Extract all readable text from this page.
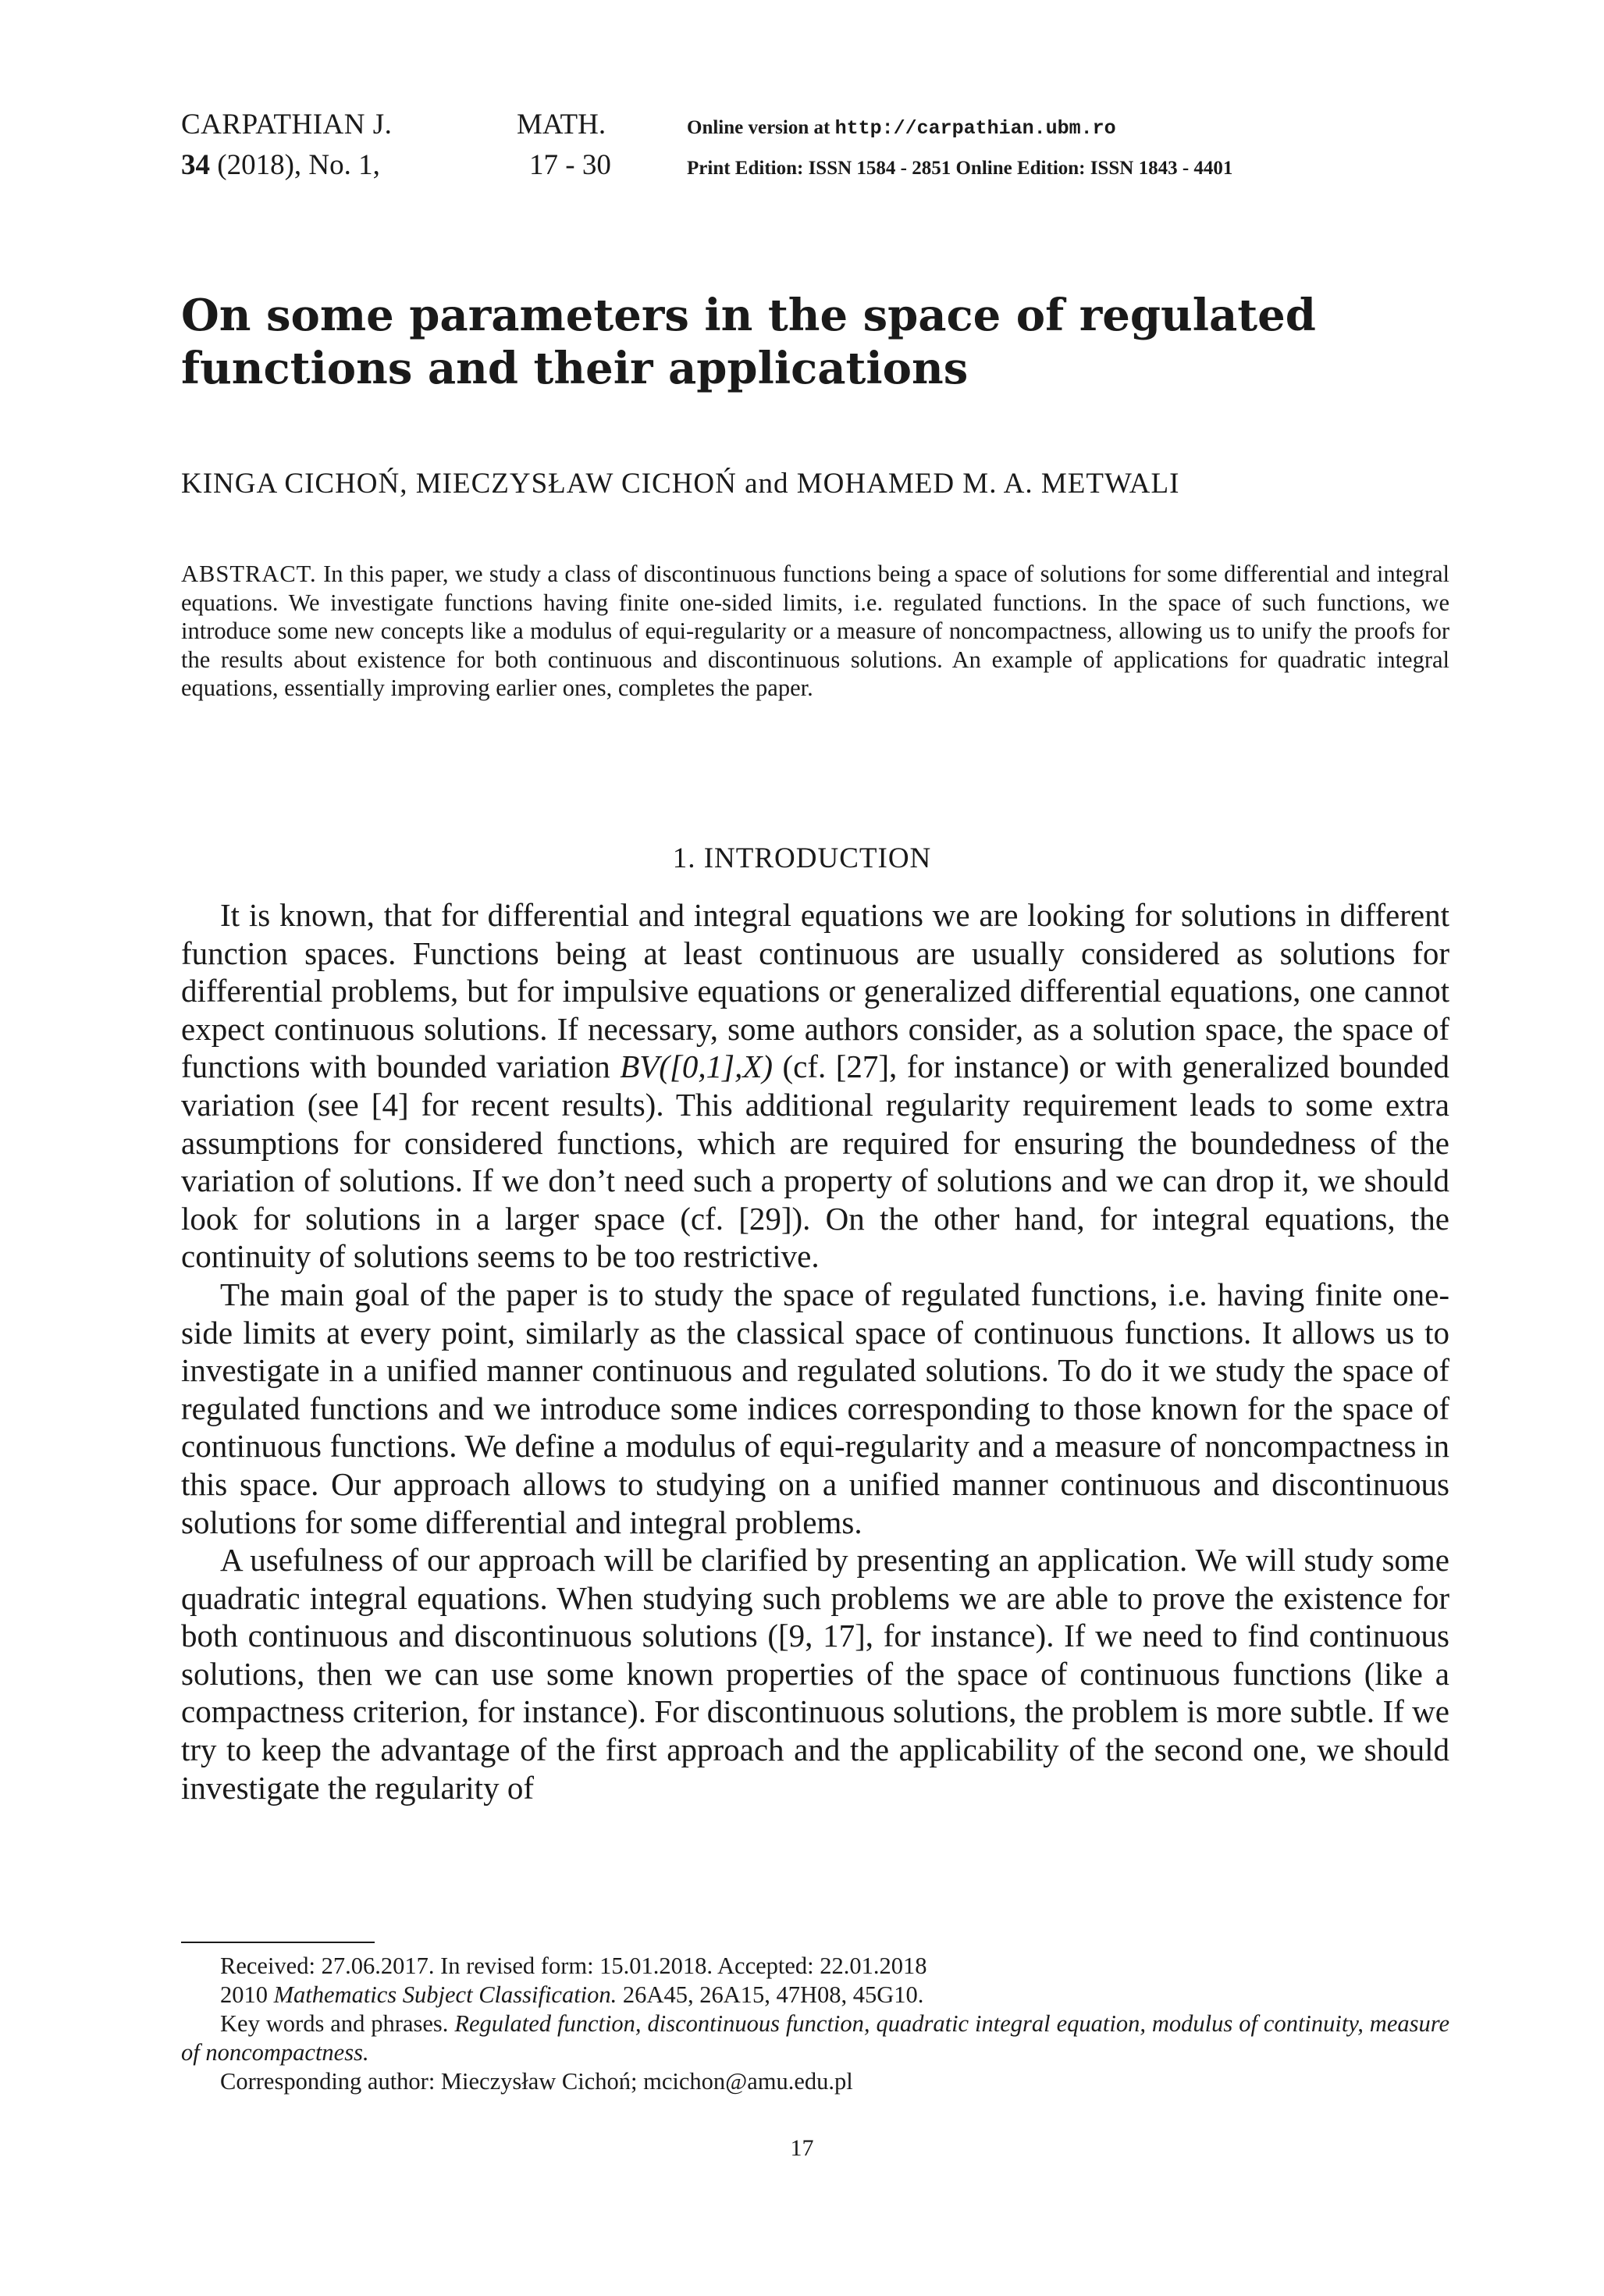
CARPATHIAN J.	MATH.
34 (2018), No. 1,	17 - 30
Online version at http://carpathian.ubm.ro
Print Edition: ISSN 1584 - 2851 Online Edition: ISSN 1843 - 4401
On some parameters in the space of regulated functions and their applications
KINGA CICHOŃ, MIECZYSŁAW CICHOŃ and MOHAMED M. A. METWALI

ABSTRACT. In this paper, we study a class of discontinuous functions being a space of solutions for some differential and integral equations. We investigate functions having finite one-sided limits, i.e. regulated functions. In the space of such functions, we introduce some new concepts like a modulus of equi-regularity or a measure of noncompactness, allowing us to unify the proofs for the results about existence for both continuous and discontinuous solutions. An example of applications for quadratic integral equations, essentially improving earlier ones, completes the paper.

1. INTRODUCTION

It is known, that for differential and integral equations we are looking for solutions in different function spaces. Functions being at least continuous are usually considered as solutions for differential problems, but for impulsive equations or generalized differential equations, one cannot expect continuous solutions. If necessary, some authors consider, as a solution space, the space of functions with bounded variation BV([0,1],X) (cf. [27], for instance) or with generalized bounded variation (see [4] for recent results). This additional regularity requirement leads to some extra assumptions for considered functions, which are required for ensuring the boundedness of the variation of solutions. If we don’t need such a property of solutions and we can drop it, we should look for solutions in a larger space (cf. [29]). On the other hand, for integral equations, the continuity of solutions seems to be too restrictive.

The main goal of the paper is to study the space of regulated functions, i.e. having finite one-side limits at every point, similarly as the classical space of continuous functions. It allows us to investigate in a unified manner continuous and regulated solutions. To do it we study the space of regulated functions and we introduce some indices corresponding to those known for the space of continuous functions. We define a modulus of equi-regularity and a measure of noncompactness in this space. Our approach allows to studying on a unified manner continuous and discontinuous solutions for some differential and integral problems.

A usefulness of our approach will be clarified by presenting an application. We will study some quadratic integral equations. When studying such problems we are able to prove the existence for both continuous and discontinuous solutions ([9, 17], for instance). If we need to find continuous solutions, then we can use some known properties of the space of continuous functions (like a compactness criterion, for instance). For discontinuous solutions, the problem is more subtle. If we try to keep the advantage of the first approach and the applicability of the second one, we should investigate the regularity of

Received: 27.06.2017. In revised form: 15.01.2018. Accepted: 22.01.2018

2010 Mathematics Subject Classification. 26A45, 26A15, 47H08, 45G10.

Key words and phrases. Regulated function, discontinuous function, quadratic integral equation, modulus of continuity, measure of noncompactness.

Corresponding author: Mieczysław Cichoń; mcichon@amu.edu.pl

17
